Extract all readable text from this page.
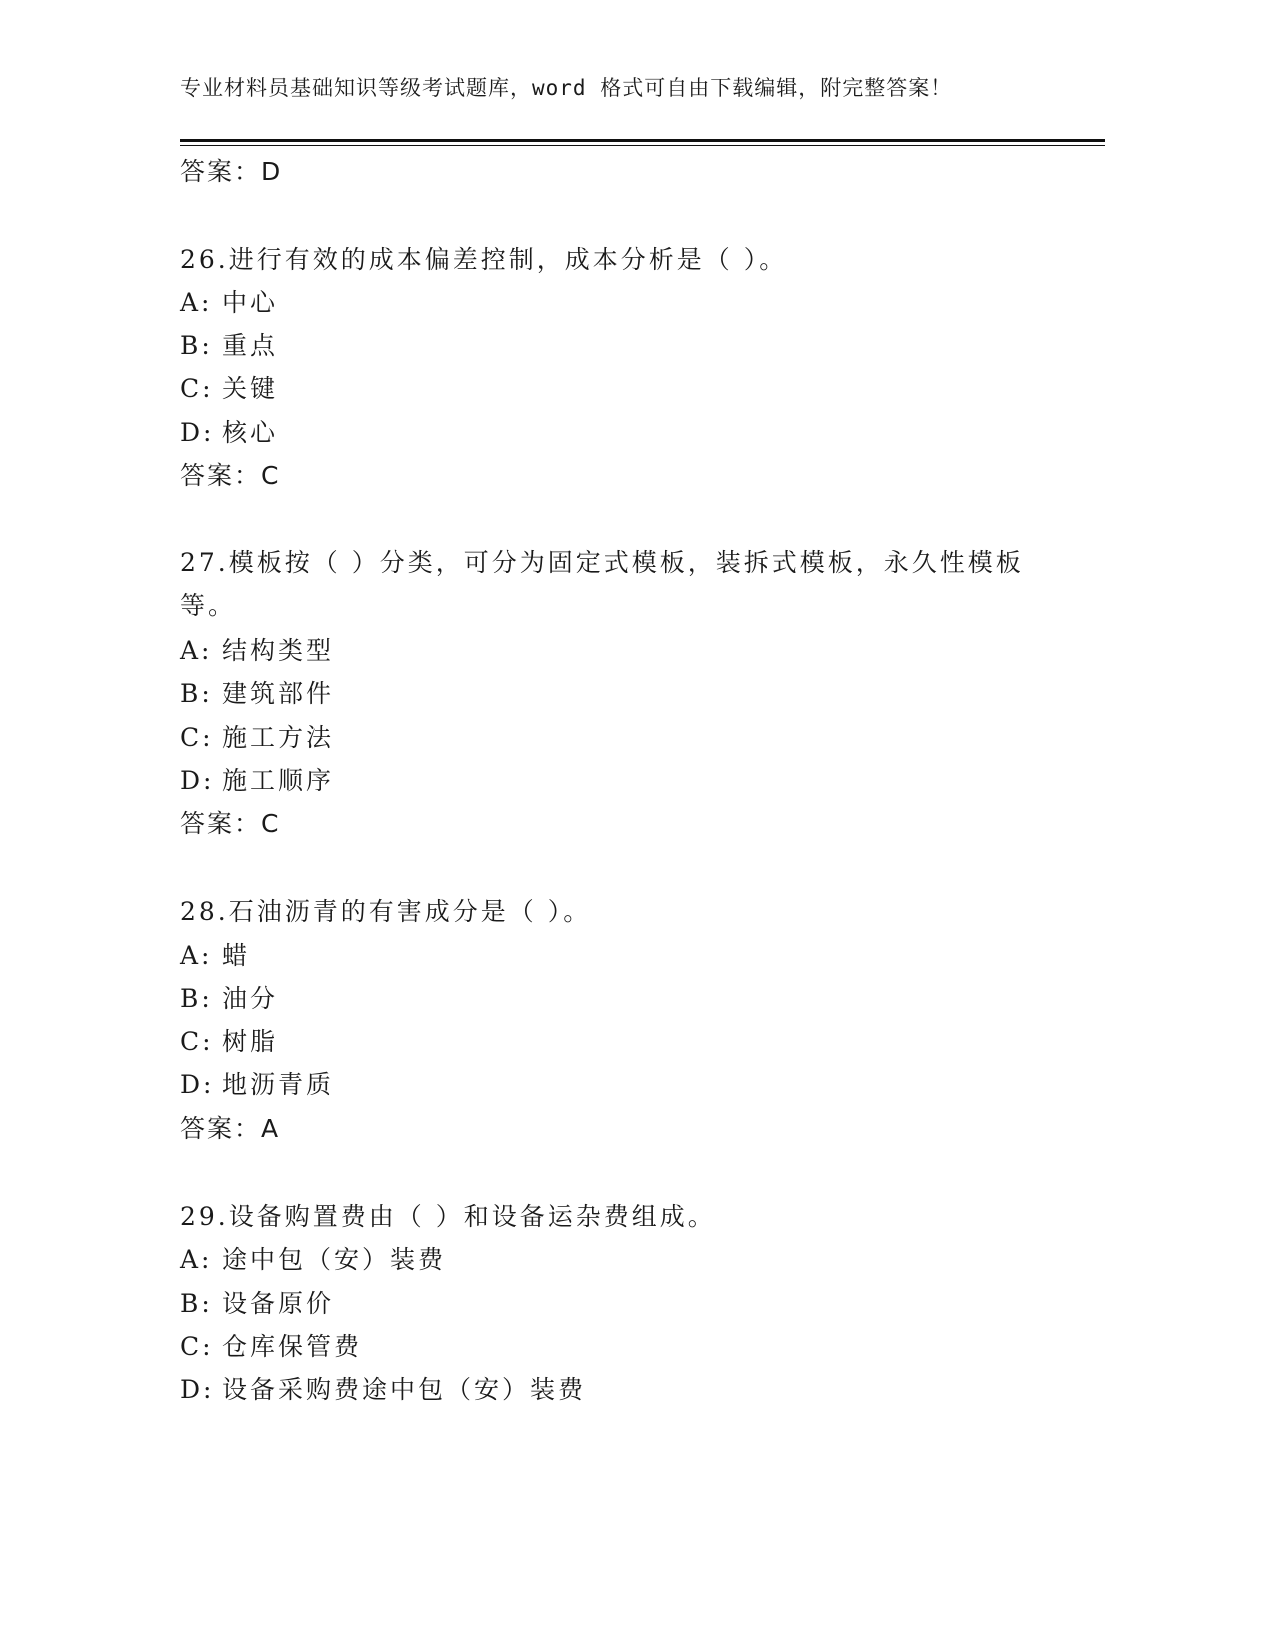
专业材料员基础知识等级考试题库，word 格式可自由下载编辑，附完整答案！
答案：D
26.进行有效的成本偏差控制，成本分析是（ ）。
A: 中心
B: 重点
C: 关键
D: 核心
答案：C
27.模板按（ ）分类，可分为固定式模板，装拆式模板，永久性模板
等。
A: 结构类型
B: 建筑部件
C: 施工方法
D: 施工顺序
答案：C
28.石油沥青的有害成分是（ ）。
A: 蜡
B: 油分
C: 树脂
D: 地沥青质
答案：A
29.设备购置费由（ ）和设备运杂费组成。
A: 途中包（安）装费
B: 设备原价
C: 仓库保管费
D: 设备采购费途中包（安）装费
